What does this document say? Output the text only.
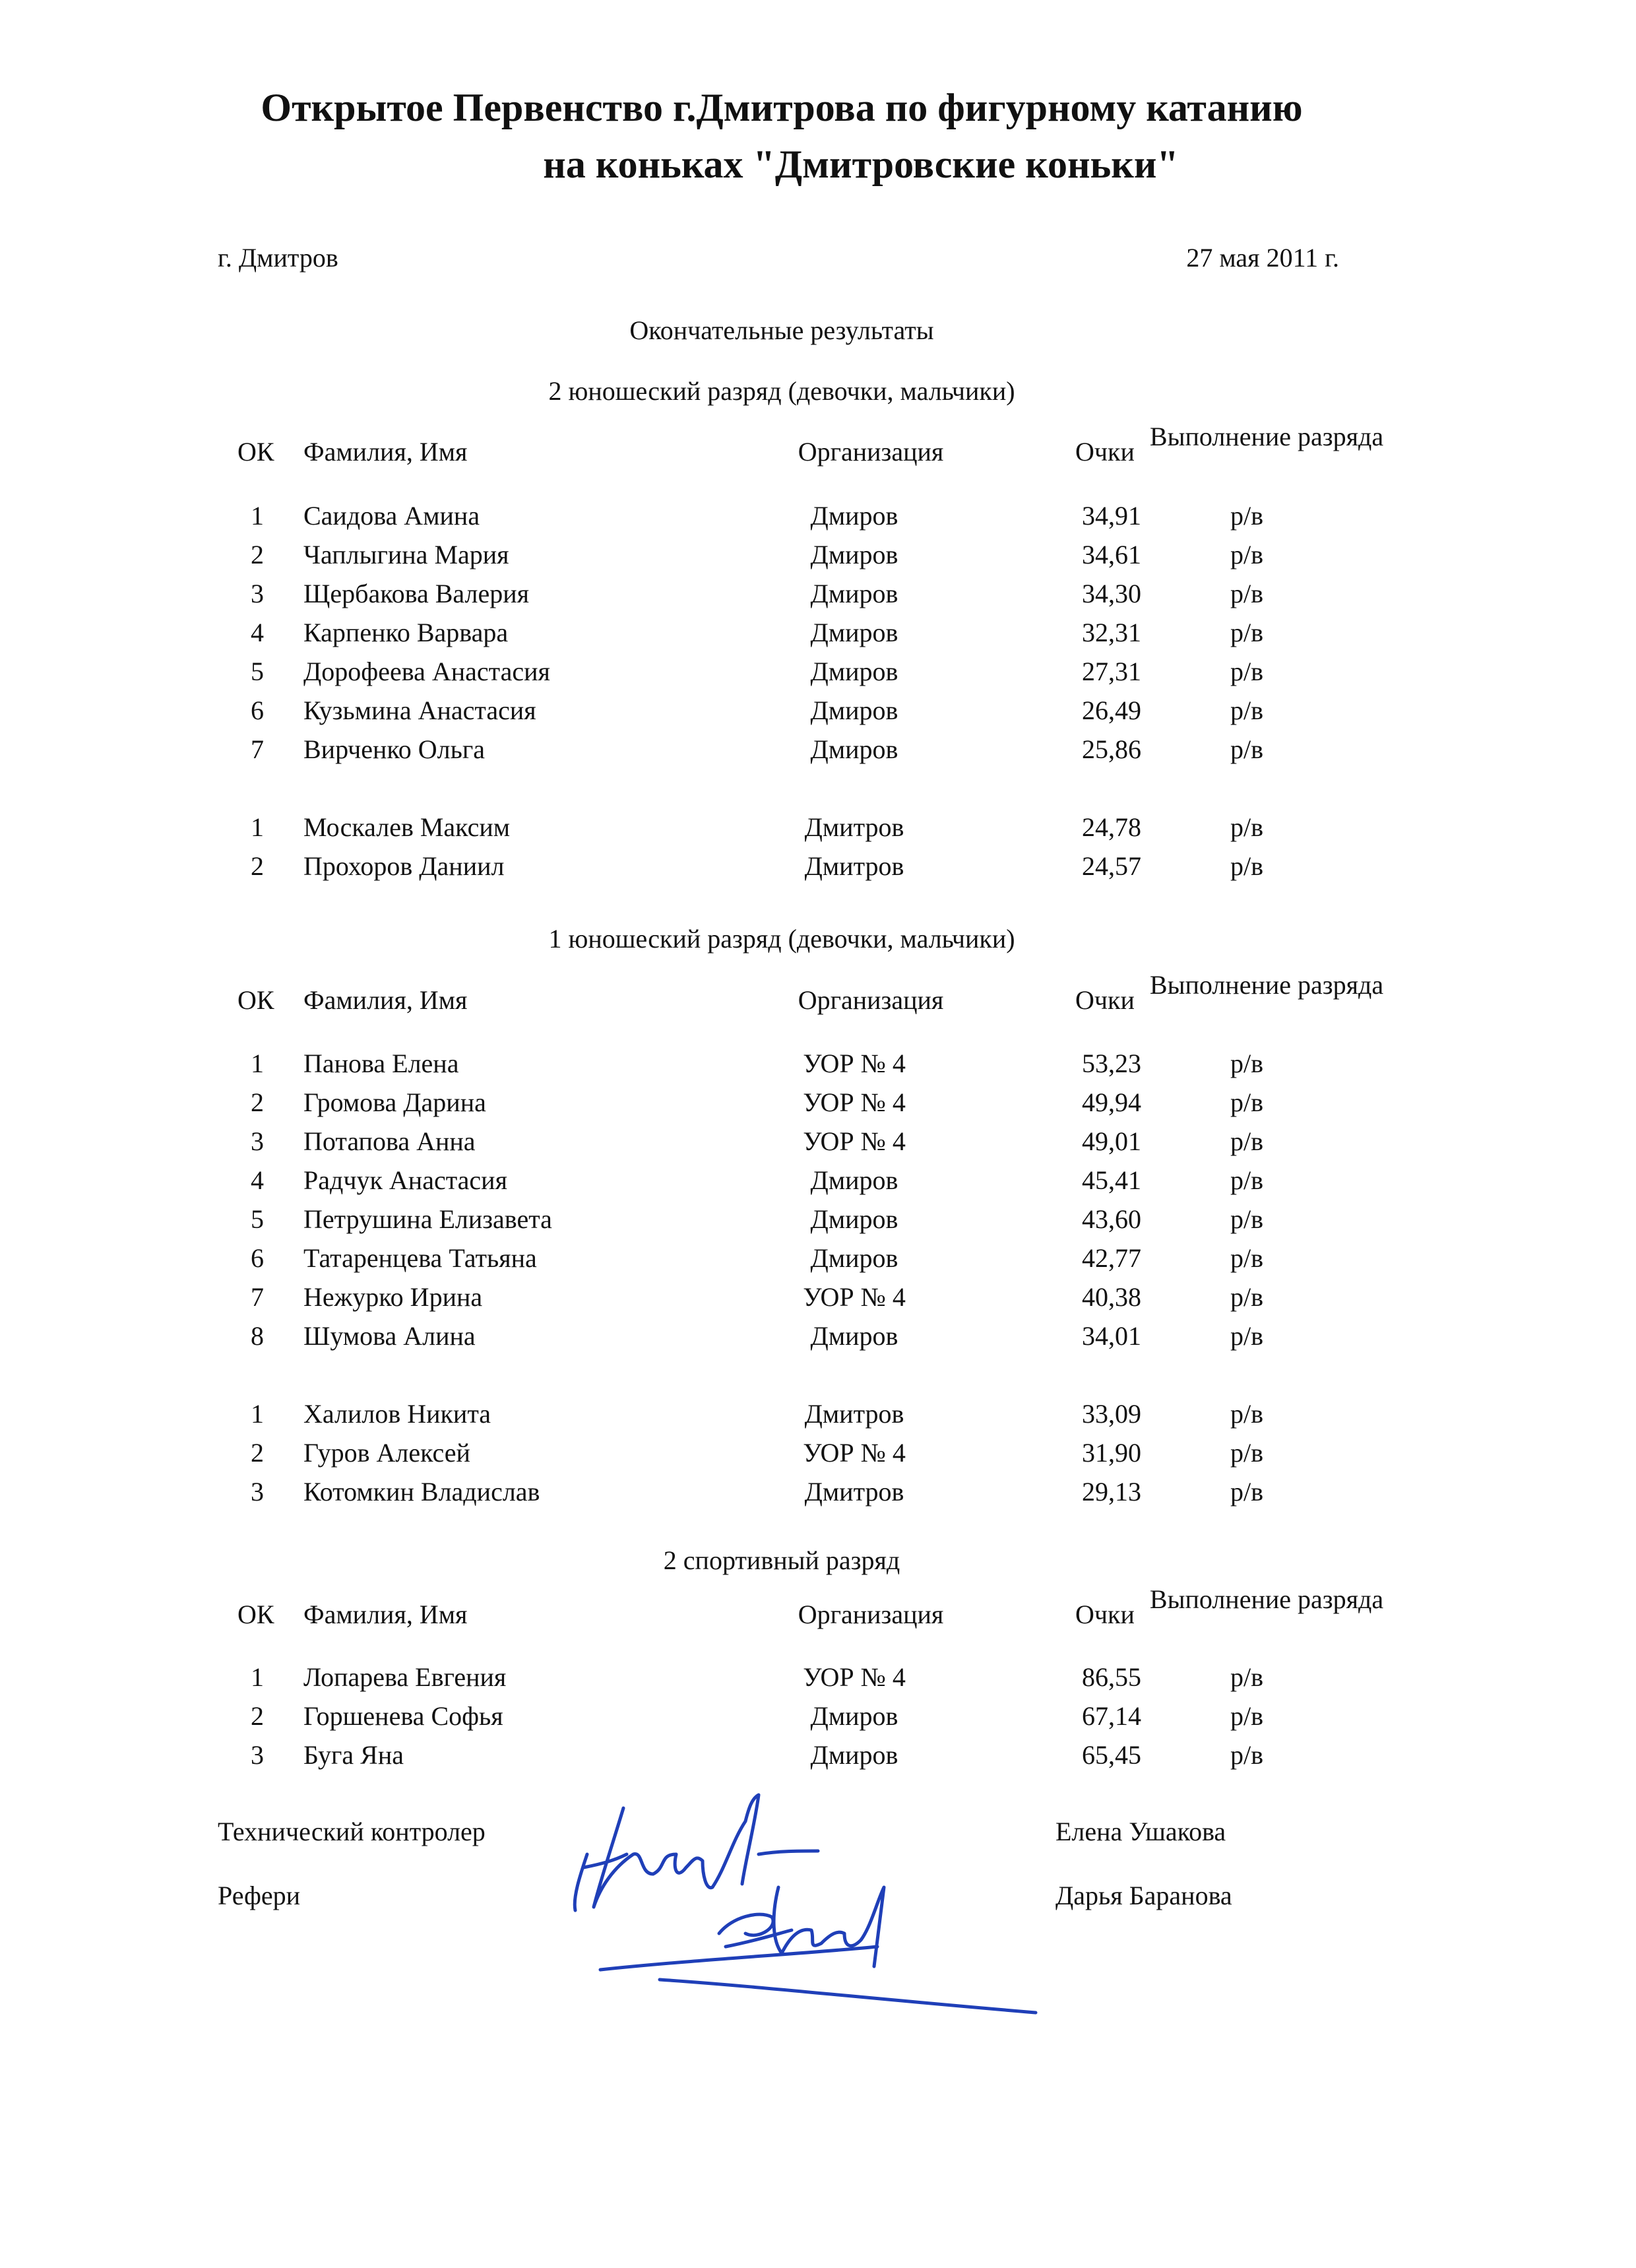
Открытое Первенство г.Дмитрова по фигурному катанию
на коньках "Дмитровские коньки"
г. Дмитров	27 мая 2011 г.
Окончательные результаты
2 юношеский разряд (девочки, мальчики)
ОК Фамилия, Имя	Организация	Очки
Выполнение разряда
1 Саидова Амина	Дмиров	34,91	р/в
2 Чаплыгина Мария	Дмиров	34,61	р/в
3 Щербакова Валерия	Дмиров	34,30	р/в
4 Карпенко Варвара	Дмиров	32,31	р/в
5 Дорофеева Анастасия	Дмиров	27,31	р/в
6 Кузьмина Анастасия	Дмиров	26,49	р/в
7 Вирченко Ольга	Дмиров	25,86	р/в
1 Москалев Максим	Дмитров	24,78	р/в
2 Прохоров Даниил	Дмитров	24,57	р/в
1 юношеский разряд (девочки, мальчики)
ОК Фамилия, Имя	Организация	Очки
Выполнение разряда
1 Панова Елена	УОР № 4	53,23	р/в
2 Громова Дарина	УОР № 4	49,94	р/в
3 Потапова Анна	УОР № 4	49,01	р/в
4 Радчук Анастасия	Дмиров	45,41	р/в
5 Петрушина Елизавета	Дмиров	43,60	р/в
6 Татаренцева Татьяна	Дмиров	42,77	р/в
7 Нежурко Ирина	УОР № 4	40,38	р/в
8 Шумова Алина	Дмиров	34,01	р/в
1 Халилов Никита	Дмитров	33,09	р/в
2 Гуров Алексей	УОР № 4	31,90	р/в
3 Котомкин Владислав	Дмитров	29,13	р/в
2 спортивный разряд
ОК Фамилия, Имя	Организация	Очки
Выполнение разряда
1 Лопарева Евгения	УОР № 4	86,55	р/в
2 Горшенева Софья	Дмиров	67,14	р/в
3 Буга Яна	Дмиров	65,45	р/в
Технический контролер	Елена Ушакова
Рефери	Дарья Баранова
